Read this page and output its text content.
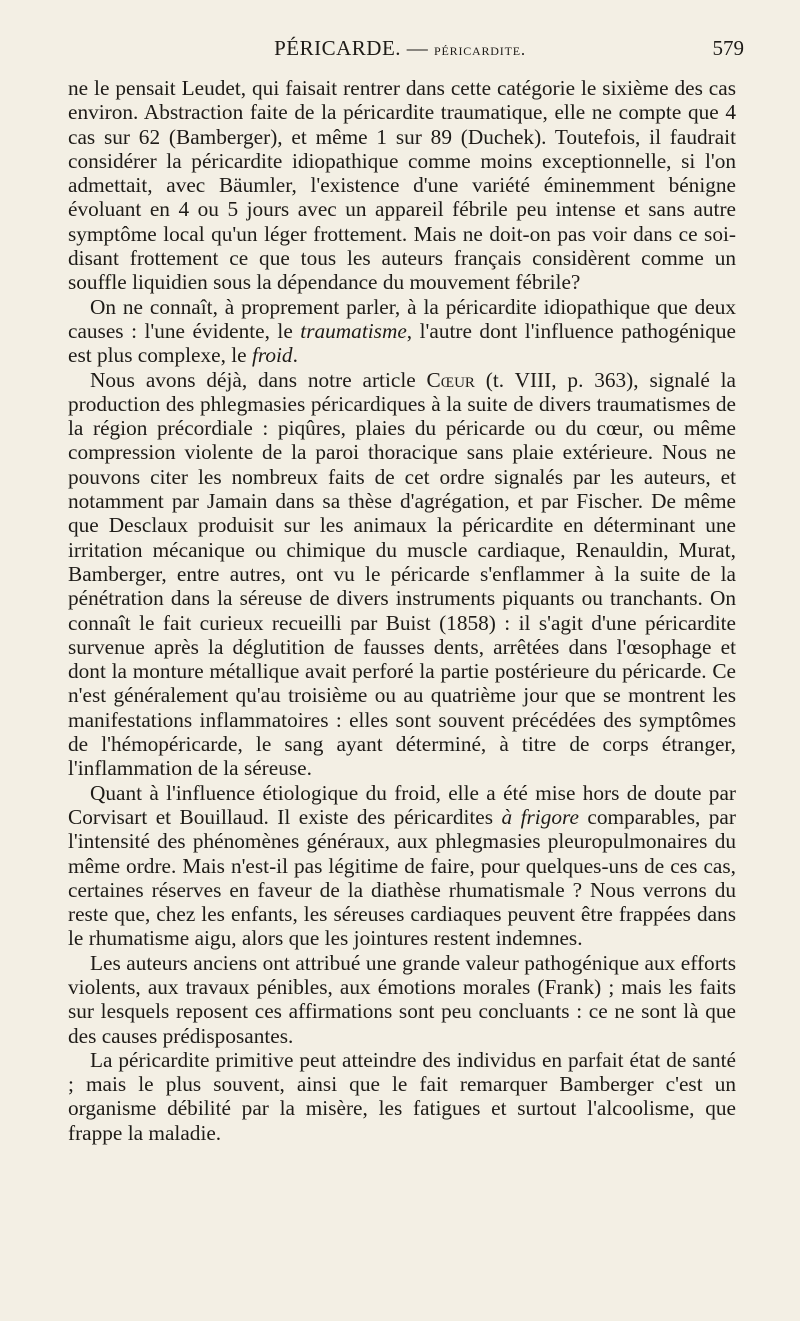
PÉRICARDE. — péricardite.	579

ne le pensait Leudet, qui faisait rentrer dans cette catégorie le sixième des cas environ. Abstraction faite de la péricardite traumatique, elle ne compte que 4 cas sur 62 (Bamberger), et même 1 sur 89 (Duchek). Toutefois, il faudrait considérer la péricardite idiopathique comme moins exceptionnelle, si l'on admettait, avec Bäumler, l'existence d'une variété éminemment bénigne évoluant en 4 ou 5 jours avec un appareil fébrile peu intense et sans autre symptôme local qu'un léger frottement. Mais ne doit-on pas voir dans ce soi-disant frottement ce que tous les auteurs français considèrent comme un souffle liquidien sous la dépendance du mouvement fébrile?

On ne connaît, à proprement parler, à la péricardite idiopathique que deux causes : l'une évidente, le traumatisme, l'autre dont l'influence pathogénique est plus complexe, le froid.

Nous avons déjà, dans notre article Cœur (t. VIII, p. 363), signalé la production des phlegmasies péricardiques à la suite de divers traumatismes de la région précordiale : piqûres, plaies du péricarde ou du cœur, ou même compression violente de la paroi thoracique sans plaie extérieure. Nous ne pouvons citer les nombreux faits de cet ordre signalés par les auteurs, et notamment par Jamain dans sa thèse d'agrégation, et par Fischer. De même que Desclaux produisit sur les animaux la péricardite en déterminant une irritation mécanique ou chimique du muscle cardiaque, Renauldin, Murat, Bamberger, entre autres, ont vu le péricarde s'enflammer à la suite de la pénétration dans la séreuse de divers instruments piquants ou tranchants. On connaît le fait curieux recueilli par Buist (1858) : il s'agit d'une péricardite survenue après la déglutition de fausses dents, arrêtées dans l'œsophage et dont la monture métallique avait perforé la partie postérieure du péricarde. Ce n'est généralement qu'au troisième ou au quatrième jour que se montrent les manifestations inflammatoires : elles sont souvent précédées des symptômes de l'hémopéricarde, le sang ayant déterminé, à titre de corps étranger, l'inflammation de la séreuse.

Quant à l'influence étiologique du froid, elle a été mise hors de doute par Corvisart et Bouillaud. Il existe des péricardites à frigore comparables, par l'intensité des phénomènes généraux, aux phlegmasies pleuropulmonaires du même ordre. Mais n'est-il pas légitime de faire, pour quelques-uns de ces cas, certaines réserves en faveur de la diathèse rhumatismale ? Nous verrons du reste que, chez les enfants, les séreuses cardiaques peuvent être frappées dans le rhumatisme aigu, alors que les jointures restent indemnes.

Les auteurs anciens ont attribué une grande valeur pathogénique aux efforts violents, aux travaux pénibles, aux émotions morales (Frank) ; mais les faits sur lesquels reposent ces affirmations sont peu concluants : ce ne sont là que des causes prédisposantes.

La péricardite primitive peut atteindre des individus en parfait état de santé ; mais le plus souvent, ainsi que le fait remarquer Bamberger c'est un organisme débilité par la misère, les fatigues et surtout l'alcoolisme, que frappe la maladie.
